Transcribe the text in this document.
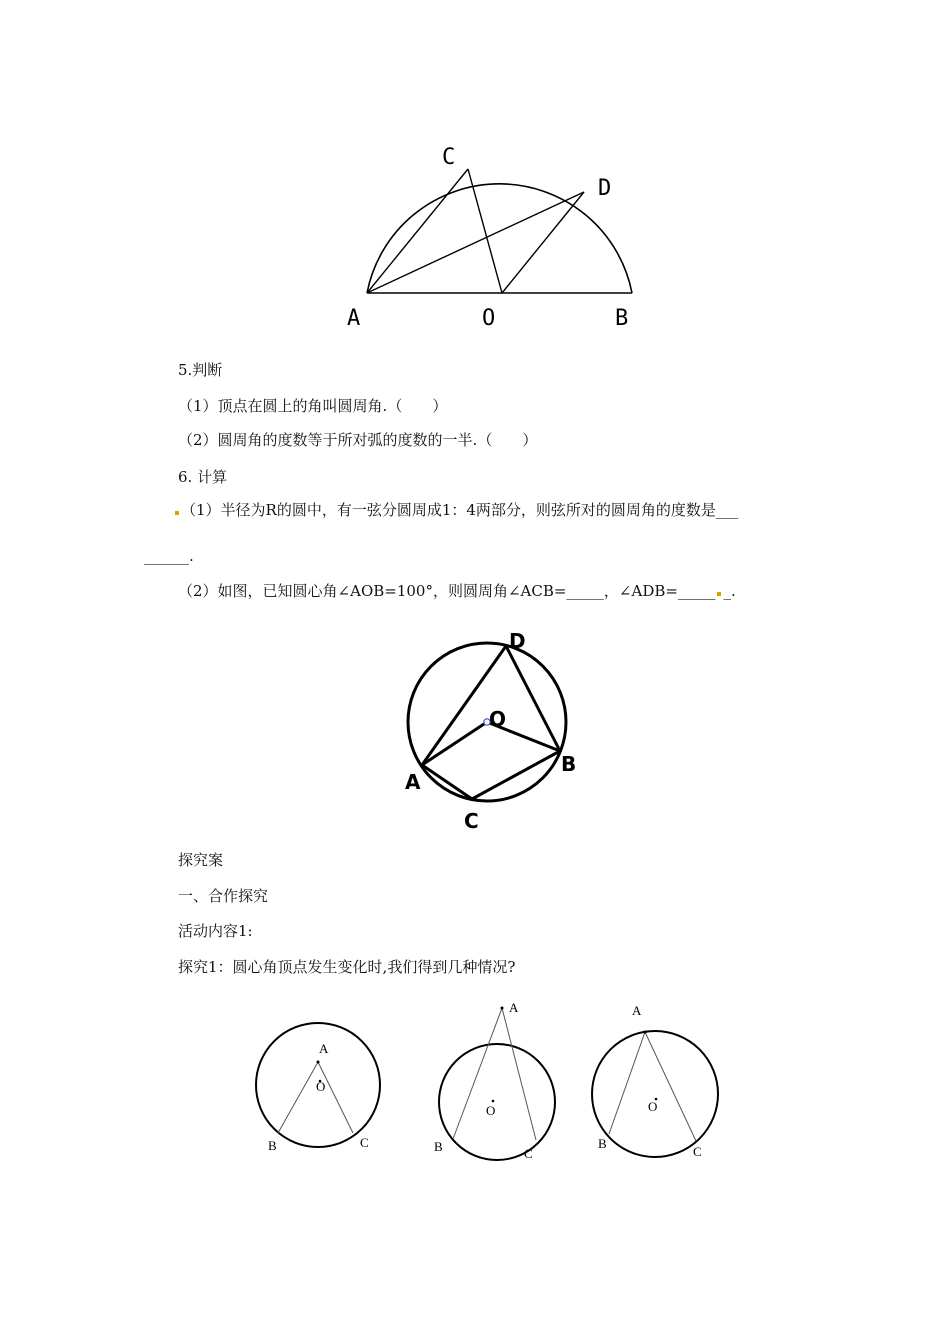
A	O	B
C
D
5.判断
（1）顶点在圆上的角叫圆周角.（　　）
（2）圆周角的度数等于所对弧的度数的一半.（　　）
6. 计算
（1）半径为R的圆中，有一弦分圆周成1：4两部分，则弦所对的圆周角的度数是___
______.
（2）如图，已知圆心角∠AOB=100°，则圆周角∠ACB=_____，∠ADB=_____ _.
D
O
A
B
C
探究案
一、合作探究
活动内容1:
探究1：圆心角顶点发生变化时,我们得到几种情况?
A
O
B	C
A
O
B	C
A
O
B
C
